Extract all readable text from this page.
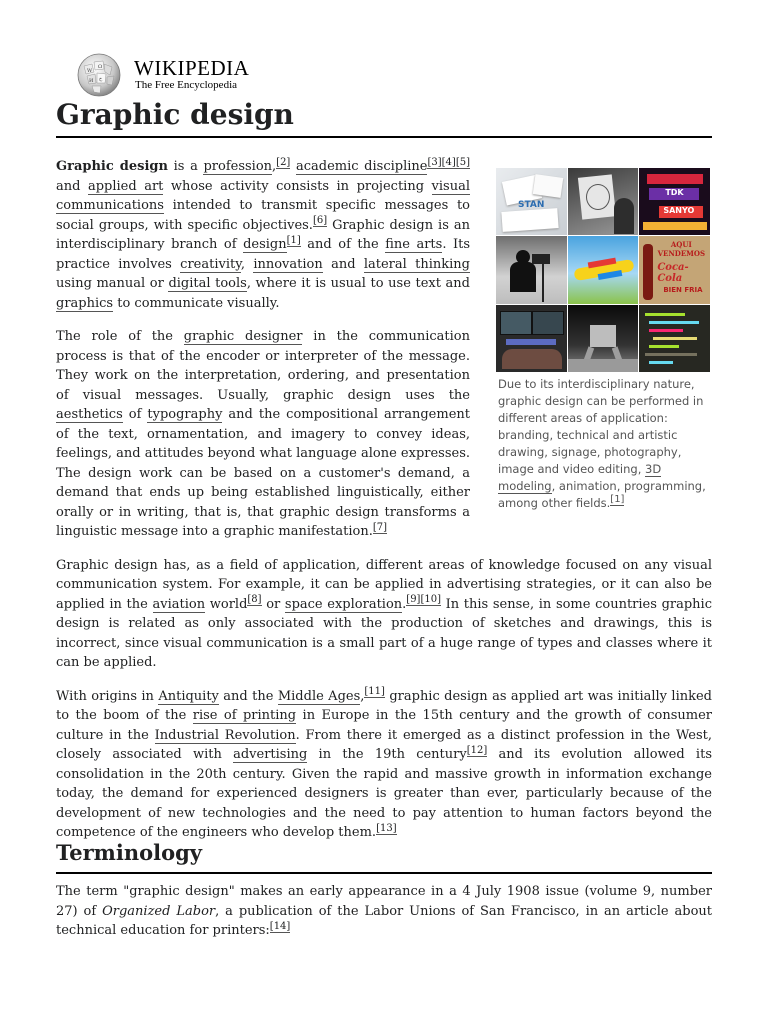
W
Ω
ح
И
WIKIPEDIA
The Free Encyclopedia
Graphic design
STAN
TDK
SANYO
AQUI VENDEMOS
Coca-Cola
BIEN FRIA
Due to its interdisciplinary nature, graphic design can be performed in different areas of application: branding, technical and artistic drawing, signage, photography, image and video editing, 3D modeling, animation, programming, among other fields.[1]

Graphic design is a profession,[2] academic discipline[3][4][5] and applied art whose activity consists in projecting visual communications intended to transmit specific messages to social groups, with specific objectives.[6] Graphic design is an interdisciplinary branch of design[1] and of the fine arts. Its practice involves creativity, innovation and lateral thinking using manual or digital tools, where it is usual to use text and graphics to communicate visually.

The role of the graphic designer in the communication process is that of the encoder or interpreter of the message. They work on the interpretation, ordering, and presentation of visual messages. Usually, graphic design uses the aesthetics of typography and the compositional arrangement of the text, ornamentation, and imagery to convey ideas, feelings, and attitudes beyond what language alone expresses. The design work can be based on a customer's demand, a demand that ends up being established linguistically, either orally or in writing, that is, that graphic design transforms a linguistic message into a graphic manifestation.[7]

Graphic design has, as a field of application, different areas of knowledge focused on any visual communication system. For example, it can be applied in advertising strategies, or it can also be applied in the aviation world[8] or space exploration.[9][10] In this sense, in some countries graphic design is related as only associated with the production of sketches and drawings, this is incorrect, since visual communication is a small part of a huge range of types and classes where it can be applied.

With origins in Antiquity and the Middle Ages,[11] graphic design as applied art was initially linked to the boom of the rise of printing in Europe in the 15th century and the growth of consumer culture in the Industrial Revolution. From there it emerged as a distinct profession in the West, closely associated with advertising in the 19th century[12] and its evolution allowed its consolidation in the 20th century. Given the rapid and massive growth in information exchange today, the demand for experienced designers is greater than ever, particularly because of the development of new technologies and the need to pay attention to human factors beyond the competence of the engineers who develop them.[13]

Terminology

The term "graphic design" makes an early appearance in a 4 July 1908 issue (volume 9, number 27) of Organized Labor, a publication of the Labor Unions of San Francisco, in an article about technical education for printers:[14]
